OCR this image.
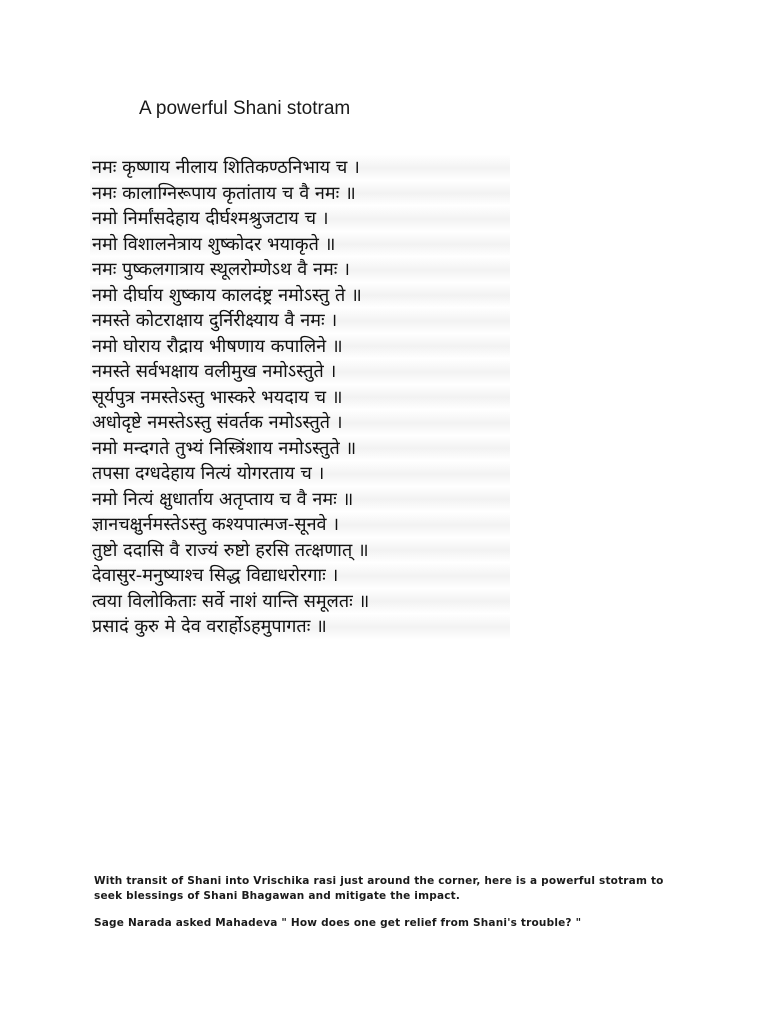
A powerful Shani stotram
नमः कृष्णाय नीलाय शितिकण्ठनिभाय च ।
नमः कालाग्निरूपाय कृतांताय च वै नमः ॥
नमो निर्मांसदेहाय दीर्घश्मश्रुजटाय च ।
नमो विशालनेत्राय शुष्कोदर भयाकृते ॥
नमः पुष्कलगात्राय स्थूलरोम्णेऽथ वै नमः ।
नमो दीर्घाय शुष्काय कालदंष्ट्र नमोऽस्तु ते ॥
नमस्ते कोटराक्षाय दुर्निरीक्ष्याय वै नमः ।
नमो घोराय रौद्राय भीषणाय कपालिने ॥
नमस्ते सर्वभक्षाय वलीमुख नमोऽस्तुते ।
सूर्यपुत्र नमस्तेऽस्तु भास्करे भयदाय च ॥
अधोदृष्टे नमस्तेऽस्तु संवर्तक नमोऽस्तुते ।
नमो मन्दगते तुभ्यं निस्त्रिंशाय नमोऽस्तुते ॥
तपसा दग्धदेहाय नित्यं योगरताय च ।
नमो नित्यं क्षुधार्ताय अतृप्ताय च वै नमः ॥
ज्ञानचक्षुर्नमस्तेऽस्तु कश्यपात्मज-सूनवे ।
तुष्टो ददासि वै राज्यं रुष्टो हरसि तत्क्षणात् ॥
देवासुर-मनुष्याश्च सिद्ध विद्याधरोरगाः ।
त्वया विलोकिताः सर्वे नाशं यान्ति समूलतः ॥
प्रसादं कुरु मे देव वरार्होऽहमुपागतः ॥
With transit of Shani into Vrischika rasi just around the corner, here is a powerful stotram to seek blessings of Shani Bhagawan and mitigate the impact.
Sage Narada asked Mahadeva " How does one get relief from Shani's trouble? "
